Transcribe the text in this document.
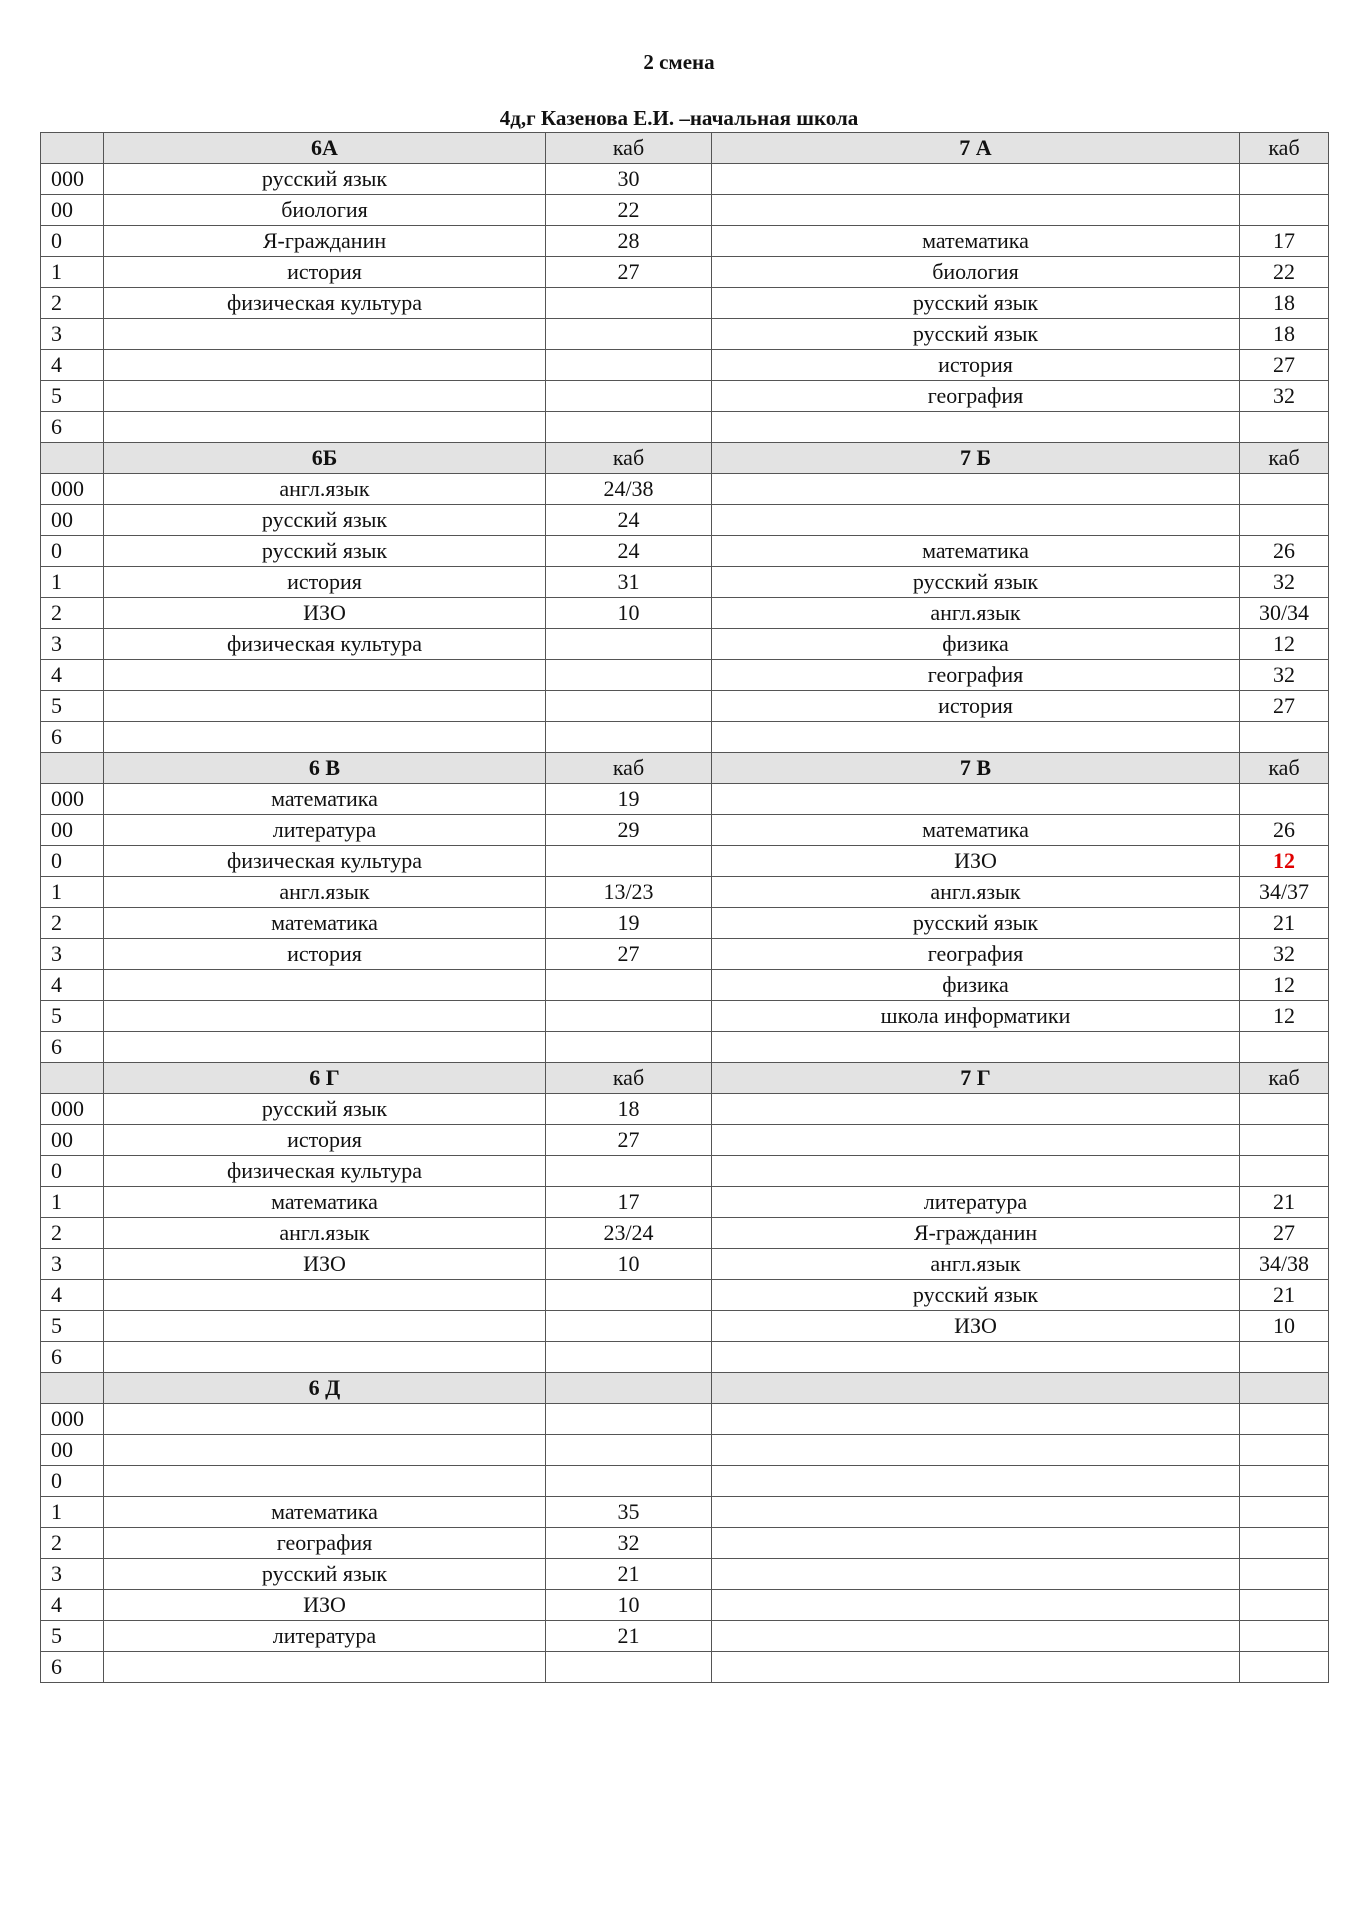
2 смена
4д,г Казенова Е.И. –начальная школа
	6А	каб	7 А	каб
000	русский язык	30		
00	биология	22		
0	Я-гражданин	28	математика	17
1	история	27	биология	22
2	физическая культура		русский язык	18
3			русский язык	18
4			история	27
5			география	32
6				
	6Б	каб	7 Б	каб
000	англ.язык	24/38		
00	русский язык	24		
0	русский язык	24	математика	26
1	история	31	русский язык	32
2	ИЗО	10	англ.язык	30/34
3	физическая культура		физика	12
4			география	32
5			история	27
6				
	6 В	каб	7 В	каб
000	математика	19		
00	литература	29	математика	26
0	физическая культура		ИЗО	12
1	англ.язык	13/23	англ.язык	34/37
2	математика	19	русский язык	21
3	история	27	география	32
4			физика	12
5			школа информатики	12
6				
	6 Г	каб	7 Г	каб
000	русский язык	18		
00	история	27		
0	физическая культура			
1	математика	17	литература	21
2	англ.язык	23/24	Я-гражданин	27
3	ИЗО	10	англ.язык	34/38
4			русский язык	21
5			ИЗО	10
6				
	6 Д			
000				
00				
0				
1	математика	35		
2	география	32		
3	русский язык	21		
4	ИЗО	10		
5	литература	21		
6				
